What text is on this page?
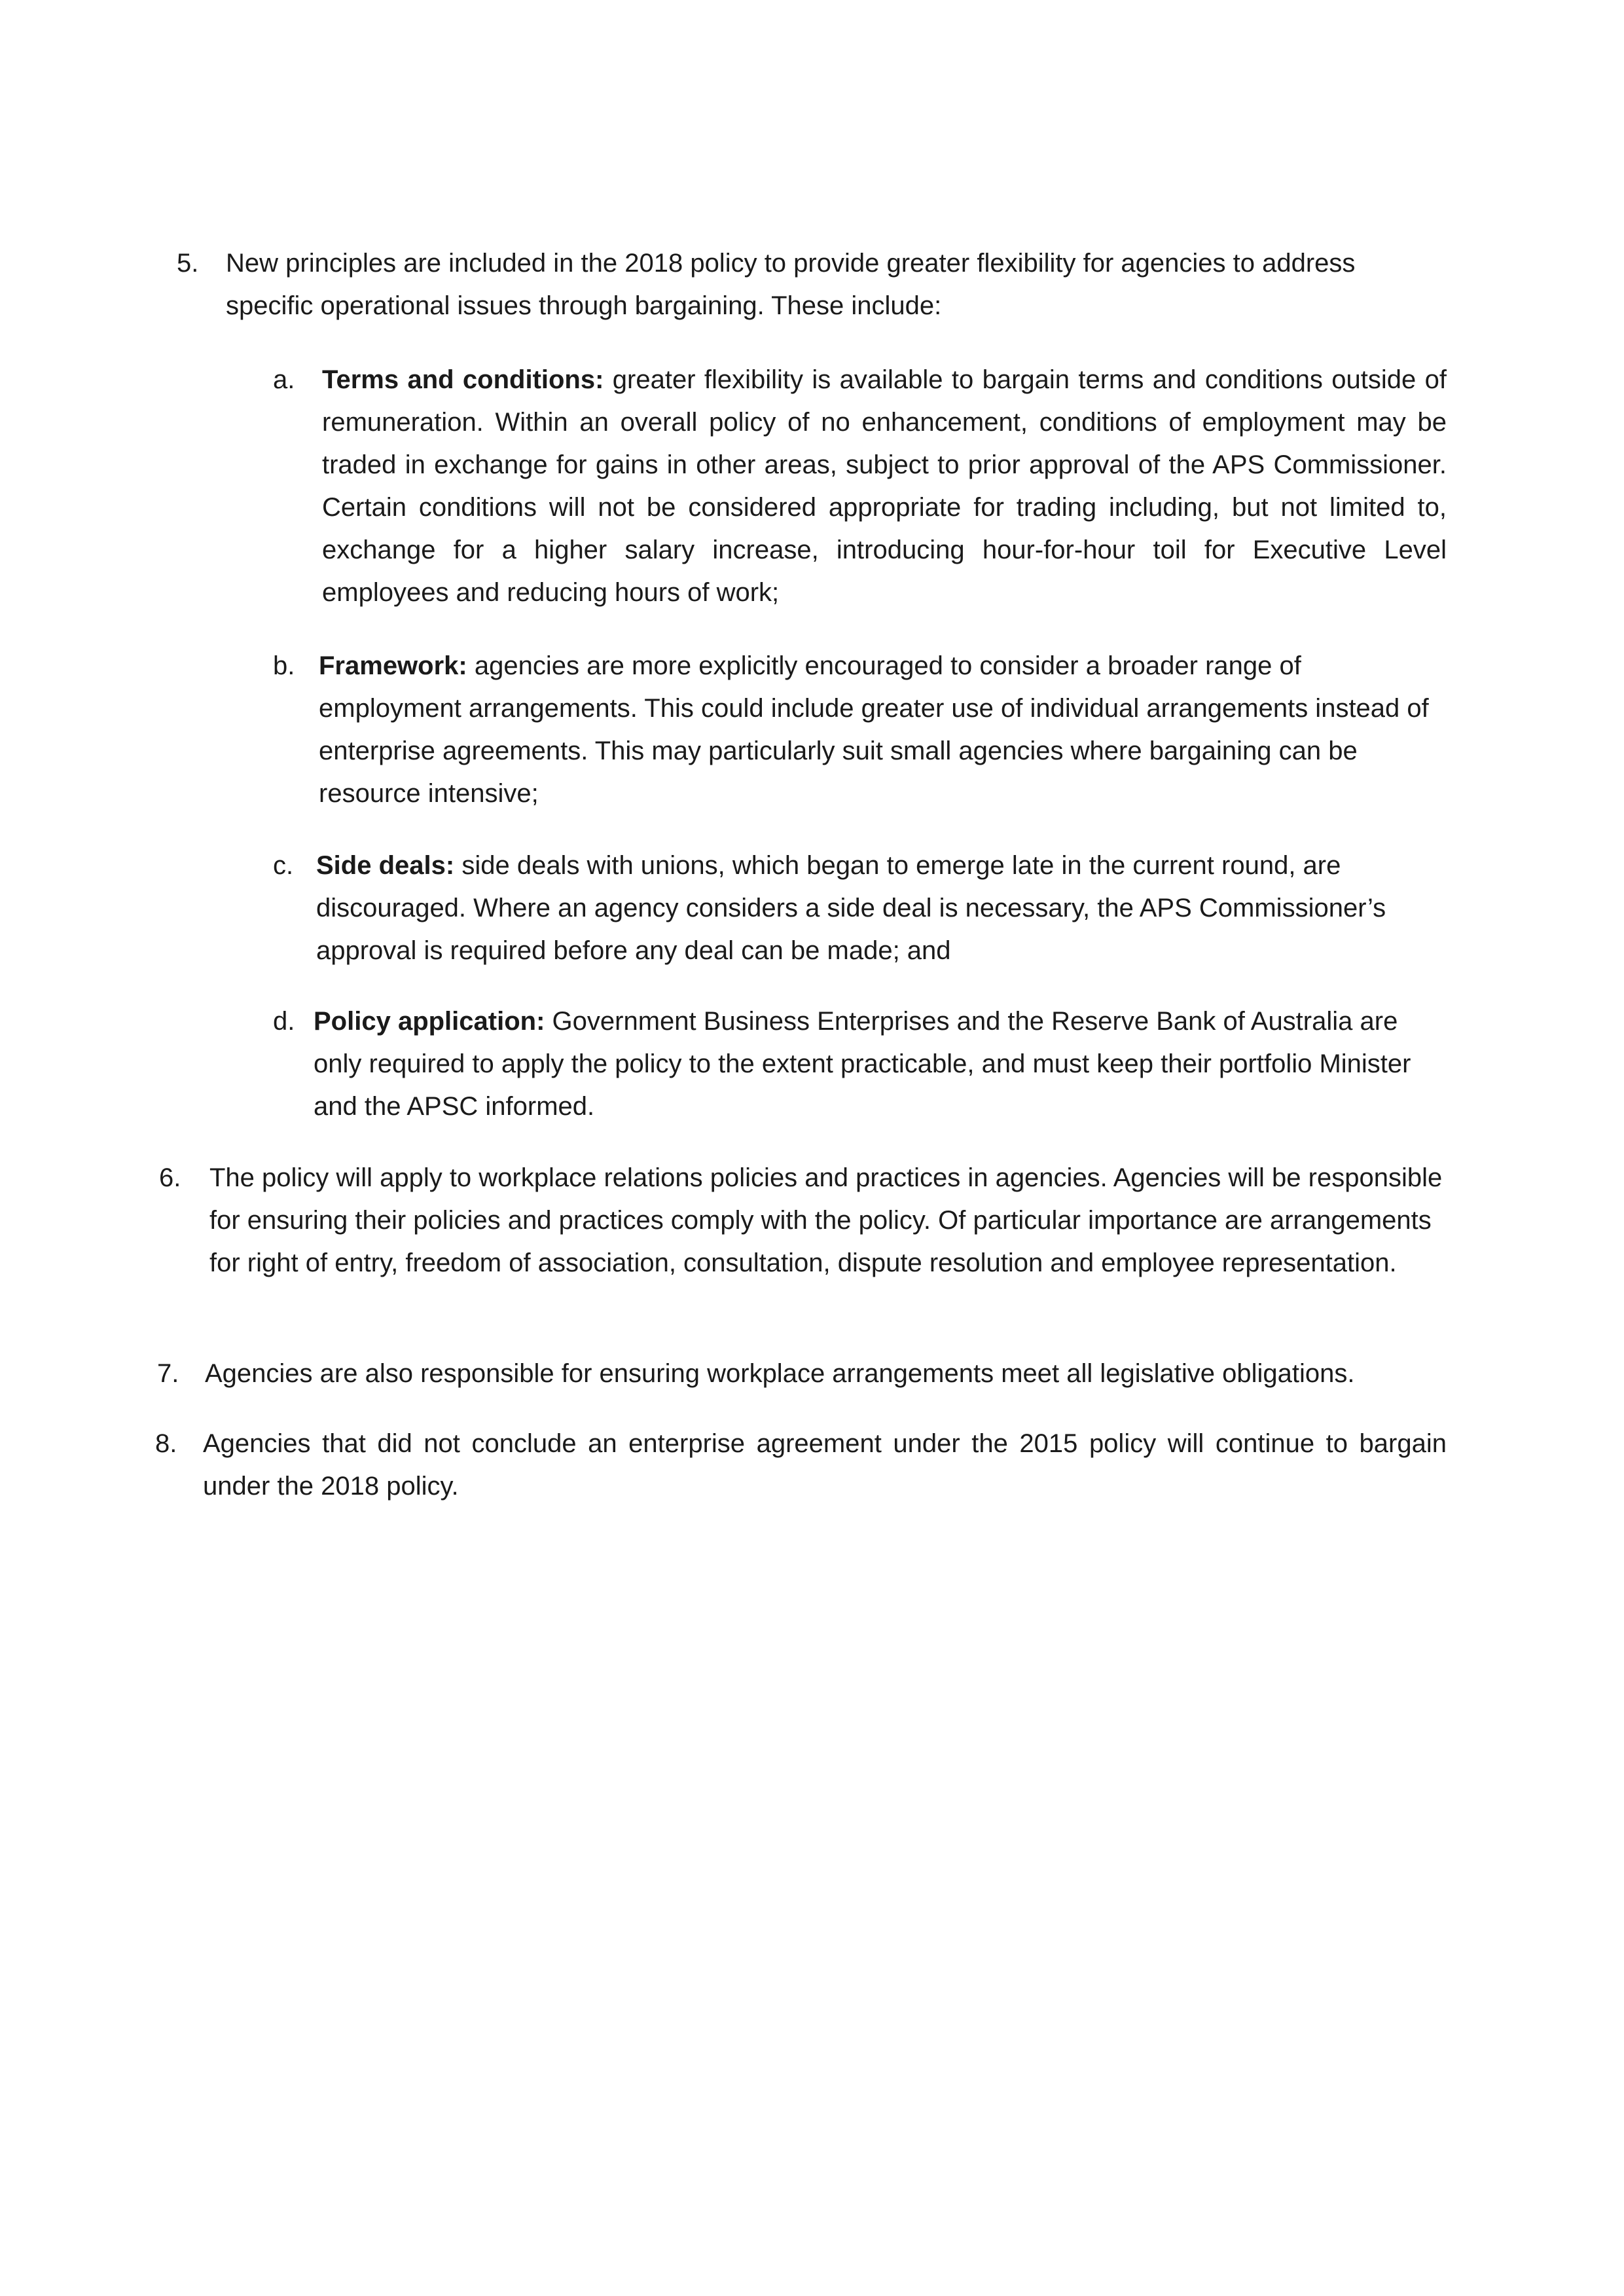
5. New principles are included in the 2018 policy to provide greater flexibility for agencies to address specific operational issues through bargaining. These include:
a. Terms and conditions: greater flexibility is available to bargain terms and conditions outside of remuneration. Within an overall policy of no enhancement, conditions of employment may be traded in exchange for gains in other areas, subject to prior approval of the APS Commissioner. Certain conditions will not be considered appropriate for trading including, but not limited to, exchange for a higher salary increase, introducing hour-for-hour toil for Executive Level employees and reducing hours of work;
b. Framework: agencies are more explicitly encouraged to consider a broader range of employment arrangements. This could include greater use of individual arrangements instead of enterprise agreements. This may particularly suit small agencies where bargaining can be resource intensive;
c. Side deals: side deals with unions, which began to emerge late in the current round, are discouraged. Where an agency considers a side deal is necessary, the APS Commissioner’s approval is required before any deal can be made; and
d. Policy application: Government Business Enterprises and the Reserve Bank of Australia are only required to apply the policy to the extent practicable, and must keep their portfolio Minister and the APSC informed.
6. The policy will apply to workplace relations policies and practices in agencies. Agencies will be responsible for ensuring their policies and practices comply with the policy. Of particular importance are arrangements for right of entry, freedom of association, consultation, dispute resolution and employee representation.
7. Agencies are also responsible for ensuring workplace arrangements meet all legislative obligations.
8. Agencies that did not conclude an enterprise agreement under the 2015 policy will continue to bargain under the 2018 policy.
